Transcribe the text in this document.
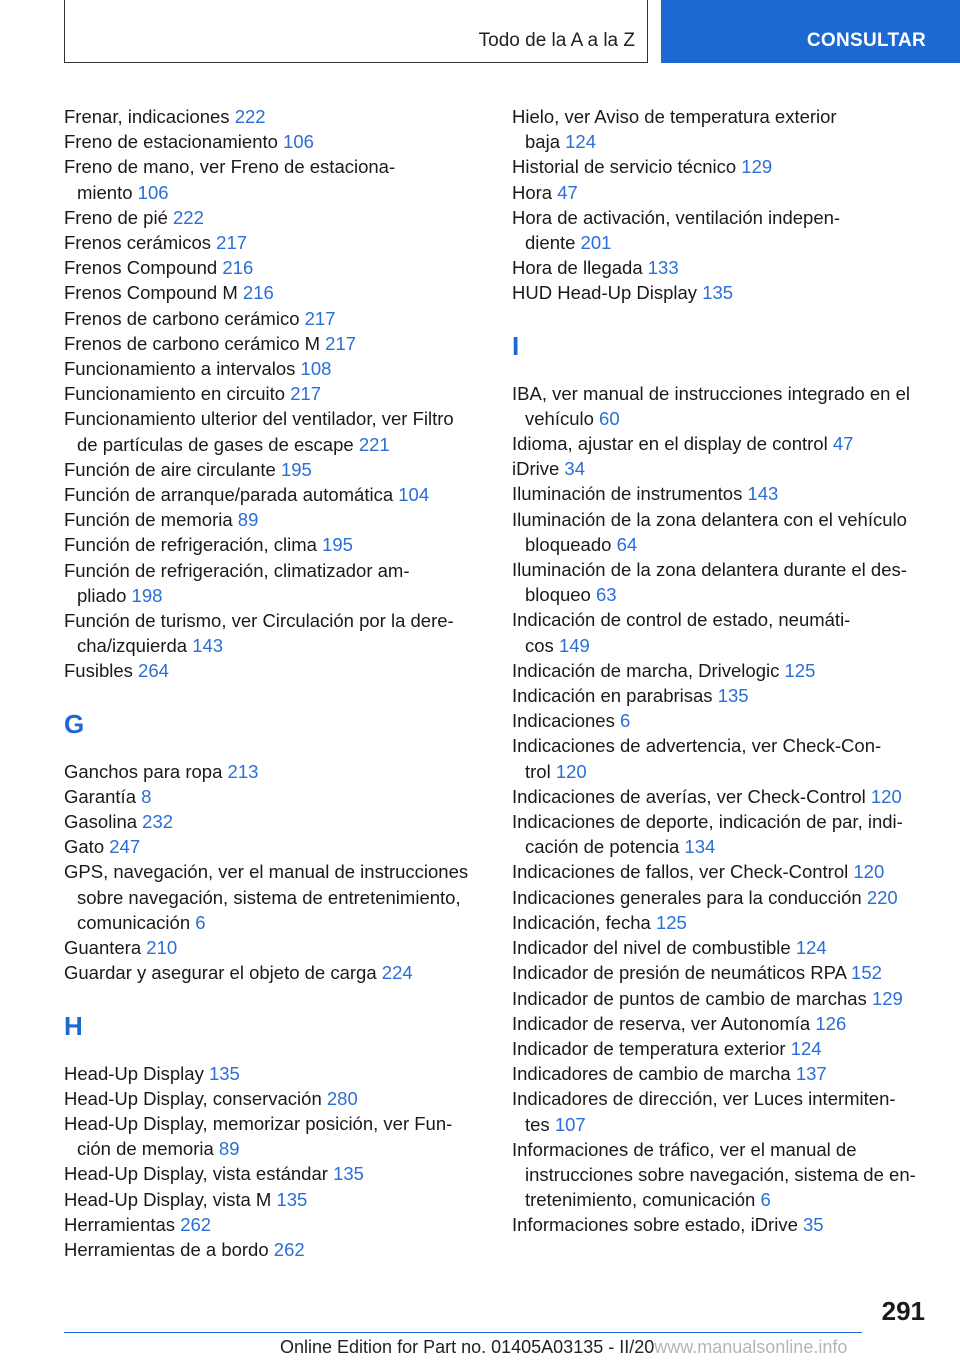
Todo de la A a la Z	CONSULTAR
Frenar, indicaciones 222
Freno de estacionamiento 106
Freno de mano, ver Freno de estaciona‐
miento 106
Freno de pié 222
Frenos cerámicos 217
Frenos Compound 216
Frenos Compound M 216
Frenos de carbono cerámico 217
Frenos de carbono cerámico M 217
Funcionamiento a intervalos 108
Funcionamiento en circuito 217
Funcionamiento ulterior del ventilador, ver Filtro
de partículas de gases de escape 221
Función de aire circulante 195
Función de arranque/parada automática 104
Función de memoria 89
Función de refrigeración, clima 195
Función de refrigeración, climatizador am‐
pliado 198
Función de turismo, ver Circulación por la dere‐
cha/izquierda 143
Fusibles 264
G
Ganchos para ropa 213
Garantía 8
Gasolina 232
Gato 247
GPS, navegación, ver el manual de instrucciones
sobre navegación, sistema de entretenimiento,
comunicación 6
Guantera 210
Guardar y asegurar el objeto de carga 224
H
Head-Up Display 135
Head-Up Display, conservación 280
Head-Up Display, memorizar posición, ver Fun‐
ción de memoria 89
Head-Up Display, vista estándar 135
Head-Up Display, vista M 135
Herramientas 262
Herramientas de a bordo 262
Hielo, ver Aviso de temperatura exterior
baja 124
Historial de servicio técnico 129
Hora 47
Hora de activación, ventilación indepen‐
diente 201
Hora de llegada 133
HUD Head-Up Display 135
I
IBA, ver manual de instrucciones integrado en el
vehículo 60
Idioma, ajustar en el display de control 47
iDrive 34
Iluminación de instrumentos 143
Iluminación de la zona delantera con el vehículo
bloqueado 64
Iluminación de la zona delantera durante el des‐
bloqueo 63
Indicación de control de estado, neumáti‐
cos 149
Indicación de marcha, Drivelogic 125
Indicación en parabrisas 135
Indicaciones 6
Indicaciones de advertencia, ver Check-Con‐
trol 120
Indicaciones de averías, ver Check-Control 120
Indicaciones de deporte, indicación de par, indi‐
cación de potencia 134
Indicaciones de fallos, ver Check-Control 120
Indicaciones generales para la conducción 220
Indicación, fecha 125
Indicador del nivel de combustible 124
Indicador de presión de neumáticos RPA 152
Indicador de puntos de cambio de marchas 129
Indicador de reserva, ver Autonomía 126
Indicador de temperatura exterior 124
Indicadores de cambio de marcha 137
Indicadores de dirección, ver Luces intermiten‐
tes 107
Informaciones de tráfico, ver el manual de
instrucciones sobre navegación, sistema de en‐
tretenimiento, comunicación 6
Informaciones sobre estado, iDrive 35
291
Online Edition for Part no. 01405A03135 - II/20www.manualsonline.info
